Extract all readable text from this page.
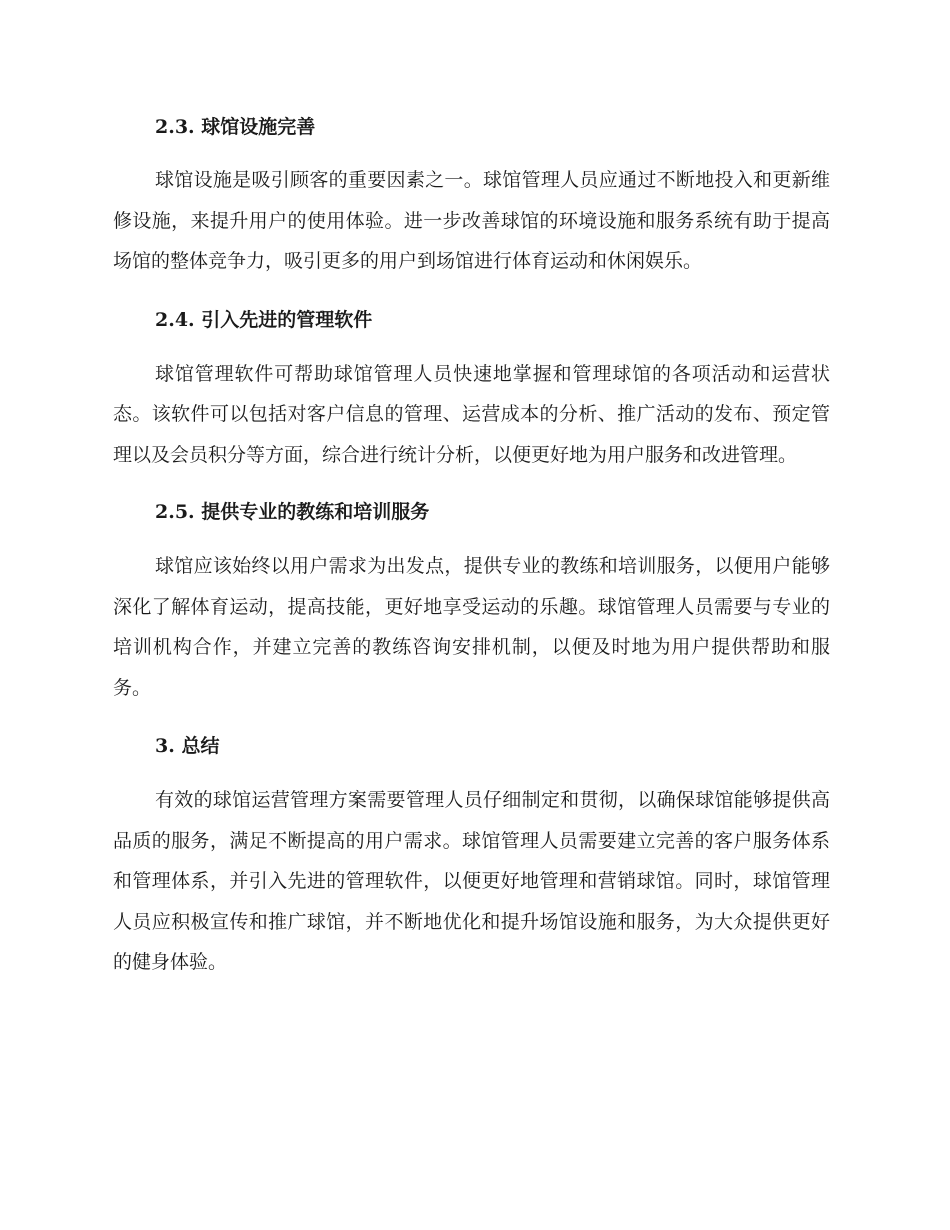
2.3. 球馆设施完善

球馆设施是吸引顾客的重要因素之一。球馆管理人员应通过不断地投入和更新维修设施，来提升用户的使用体验。进一步改善球馆的环境设施和服务系统有助于提高场馆的整体竞争力，吸引更多的用户到场馆进行体育运动和休闲娱乐。

2.4. 引入先进的管理软件

球馆管理软件可帮助球馆管理人员快速地掌握和管理球馆的各项活动和运营状态。该软件可以包括对客户信息的管理、运营成本的分析、推广活动的发布、预定管理以及会员积分等方面，综合进行统计分析，以便更好地为用户服务和改进管理。

2.5. 提供专业的教练和培训服务

球馆应该始终以用户需求为出发点，提供专业的教练和培训服务，以便用户能够深化了解体育运动，提高技能，更好地享受运动的乐趣。球馆管理人员需要与专业的培训机构合作，并建立完善的教练咨询安排机制，以便及时地为用户提供帮助和服务。

3. 总结

有效的球馆运营管理方案需要管理人员仔细制定和贯彻，以确保球馆能够提供高品质的服务，满足不断提高的用户需求。球馆管理人员需要建立完善的客户服务体系和管理体系，并引入先进的管理软件，以便更好地管理和营销球馆。同时，球馆管理人员应积极宣传和推广球馆，并不断地优化和提升场馆设施和服务，为大众提供更好的健身体验。
